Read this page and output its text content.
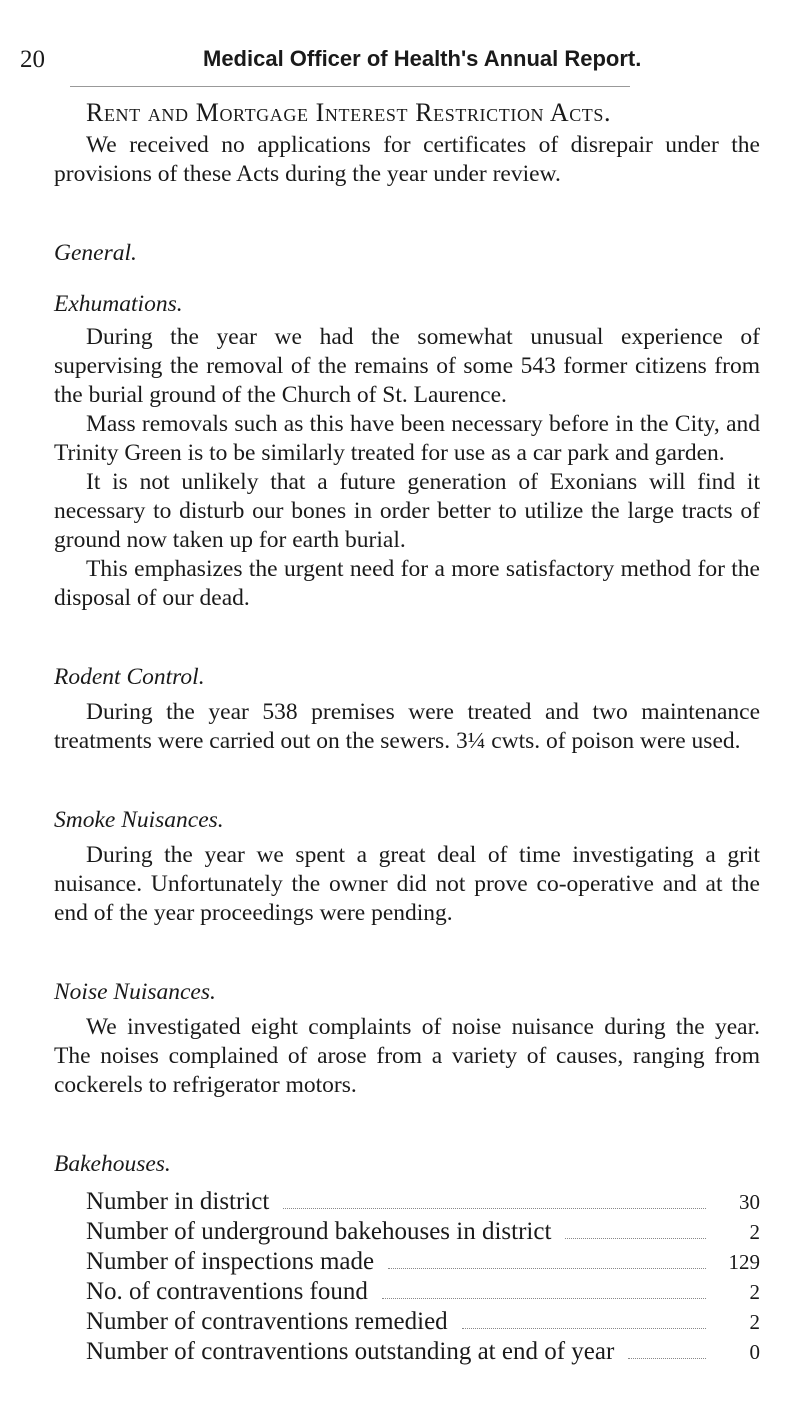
20	Medical Officer of Health's Annual Report.
Rent and Mortgage Interest Restriction Acts.

We received no applications for certificates of disrepair under the provisions of these Acts during the year under review.

General.
Exhumations.

During the year we had the somewhat unusual experience of supervising the removal of the remains of some 543 former citizens from the burial ground of the Church of St. Laurence.

Mass removals such as this have been necessary before in the City, and Trinity Green is to be similarly treated for use as a car park and garden.

It is not unlikely that a future generation of Exonians will find it necessary to disturb our bones in order better to utilize the large tracts of ground now taken up for earth burial.

This emphasizes the urgent need for a more satisfactory method for the disposal of our dead.

Rodent Control.

During the year 538 premises were treated and two maintenance treatments were carried out on the sewers. 3¼ cwts. of poison were used.

Smoke Nuisances.

During the year we spent a great deal of time investigating a grit nuisance. Unfortunately the owner did not prove co-operative and at the end of the year proceedings were pending.

Noise Nuisances.

We investigated eight complaints of noise nuisance during the year. The noises complained of arose from a variety of causes, ranging from cockerels to refrigerator motors.

Bakehouses.
Number in district	30
Number of underground bakehouses in district	2
Number of inspections made	129
No. of contraventions found	2
Number of contraventions remedied	2
Number of contraventions outstanding at end of year	0
